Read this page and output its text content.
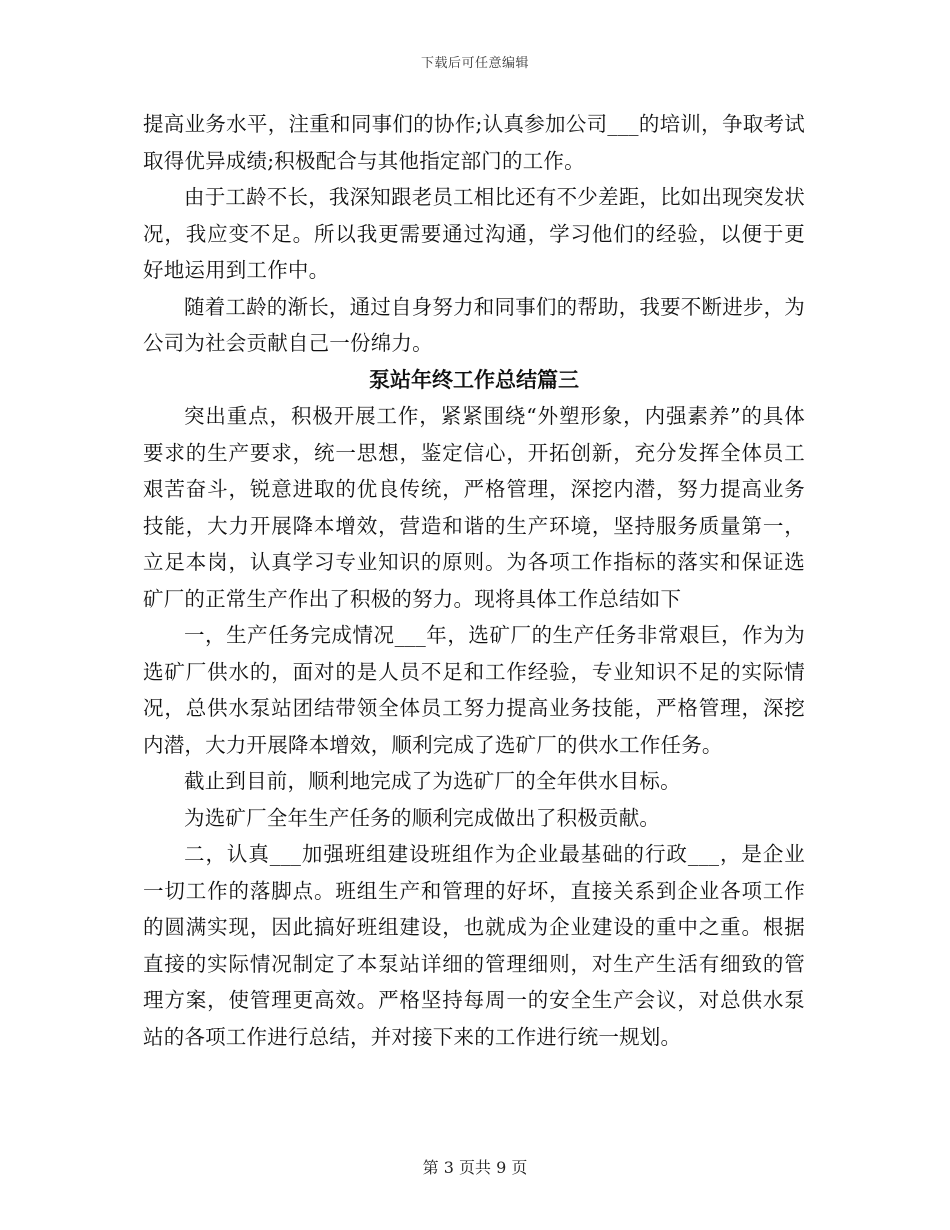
下载后可任意编辑

提高业务水平，注重和同事们的协作;认真参加公司___的培训，争取考试取得优异成绩;积极配合与其他指定部门的工作。

由于工龄不长，我深知跟老员工相比还有不少差距，比如出现突发状况，我应变不足。所以我更需要通过沟通，学习他们的经验，以便于更好地运用到工作中。

随着工龄的渐长，通过自身努力和同事们的帮助，我要不断进步，为公司为社会贡献自己一份绵力。

泵站年终工作总结篇三

突出重点，积极开展工作，紧紧围绕“外塑形象，内强素养”的具体要求的生产要求，统一思想，鉴定信心，开拓创新，充分发挥全体员工艰苦奋斗，锐意进取的优良传统，严格管理，深挖内潜，努力提高业务技能，大力开展降本增效，营造和谐的生产环境，坚持服务质量第一，立足本岗，认真学习专业知识的原则。为各项工作指标的落实和保证选矿厂的正常生产作出了积极的努力。现将具体工作总结如下

一，生产任务完成情况___年，选矿厂的生产任务非常艰巨，作为为选矿厂供水的，面对的是人员不足和工作经验，专业知识不足的实际情况，总供水泵站团结带领全体员工努力提高业务技能，严格管理，深挖内潜，大力开展降本增效，顺利完成了选矿厂的供水工作任务。

截止到目前，顺利地完成了为选矿厂的全年供水目标。

为选矿厂全年生产任务的顺利完成做出了积极贡献。

二，认真___加强班组建设班组作为企业最基础的行政___，是企业一切工作的落脚点。班组生产和管理的好坏，直接关系到企业各项工作的圆满实现，因此搞好班组建设，也就成为企业建设的重中之重。根据直接的实际情况制定了本泵站详细的管理细则，对生产生活有细致的管理方案，使管理更高效。严格坚持每周一的安全生产会议，对总供水泵站的各项工作进行总结，并对接下来的工作进行统一规划。

第 3 页共 9 页
